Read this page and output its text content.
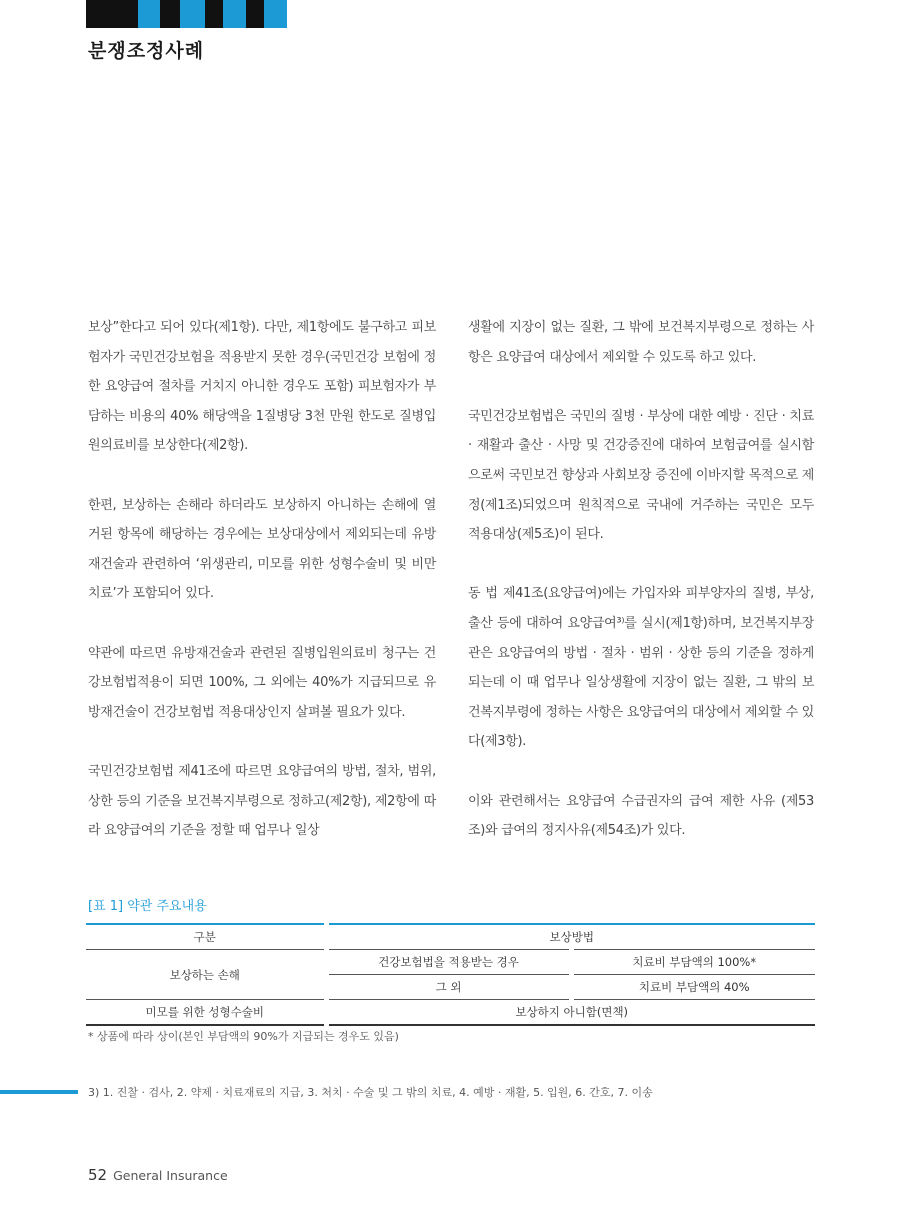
분쟁조정사례

보상”한다고 되어 있다(제1항). 다만, 제1항에도 불구하고 피보험자가 국민건강보험을 적용받지 못한 경우(국민건강 보험에 정한 요양급여 절차를 거치지 아니한 경우도 포함) 피보험자가 부담하는 비용의 40% 해당액을 1질병당 3천 만원 한도로 질병입원의료비를 보상한다(제2항).

한편, 보상하는 손해라 하더라도 보상하지 아니하는 손해에 열거된 항목에 해당하는 경우에는 보상대상에서 제외되는데 유방재건술과 관련하여 ‘위생관리, 미모를 위한 성형수술비 및 비만치료’가 포함되어 있다.

약관에 따르면 유방재건술과 관련된 질병입원의료비 청구는 건강보험법적용이 되면 100%, 그 외에는 40%가 지급되므로 유방재건술이 건강보험법 적용대상인지 살펴볼 필요가 있다.

국민건강보험법 제41조에 따르면 요양급여의 방법, 절차, 범위, 상한 등의 기준을 보건복지부령으로 정하고(제2항), 제2항에 따라 요양급여의 기준을 정할 때 업무나 일상

생활에 지장이 없는 질환, 그 밖에 보건복지부령으로 정하는 사항은 요양급여 대상에서 제외할 수 있도록 하고 있다.

국민건강보험법은 국민의 질병 · 부상에 대한 예방 · 진단 · 치료 · 재활과 출산 · 사망 및 건강증진에 대하여 보험급여를 실시함으로써 국민보건 향상과 사회보장 증진에 이바지할 목적으로 제정(제1조)되었으며 원칙적으로 국내에 거주하는 국민은 모두 적용대상(제5조)이 된다.

동 법 제41조(요양급여)에는 가입자와 피부양자의 질병, 부상, 출산 등에 대하여 요양급여³⁾를 실시(제1항)하며, 보건복지부장관은 요양급여의 방법 · 절차 · 범위 · 상한 등의 기준을 정하게 되는데 이 때 업무나 일상생활에 지장이 없는 질환, 그 밖의 보건복지부령에 정하는 사항은 요양급여의 대상에서 제외할 수 있다(제3항).

이와 관련해서는 요양급여 수급권자의 급여 제한 사유 (제53조)와 급여의 정지사유(제54조)가 있다.

[표 1] 약관 주요내용
구분	보상방법	
보상하는 손해	건강보험법을 적용받는 경우	치료비 부담액의 100%*
	그 외	치료비 부담액의 40%
미모를 위한 성형수술비	보상하지 아니함(면책)	
* 상품에 따라 상이(본인 부담액의 90%가 지급되는 경우도 있음)
3) 1. 진찰 · 검사, 2. 약제 · 치료재료의 지급, 3. 처치 · 수술 및 그 밖의 치료, 4. 예방 · 재활, 5. 입원, 6. 간호, 7. 이송
52 General Insurance
